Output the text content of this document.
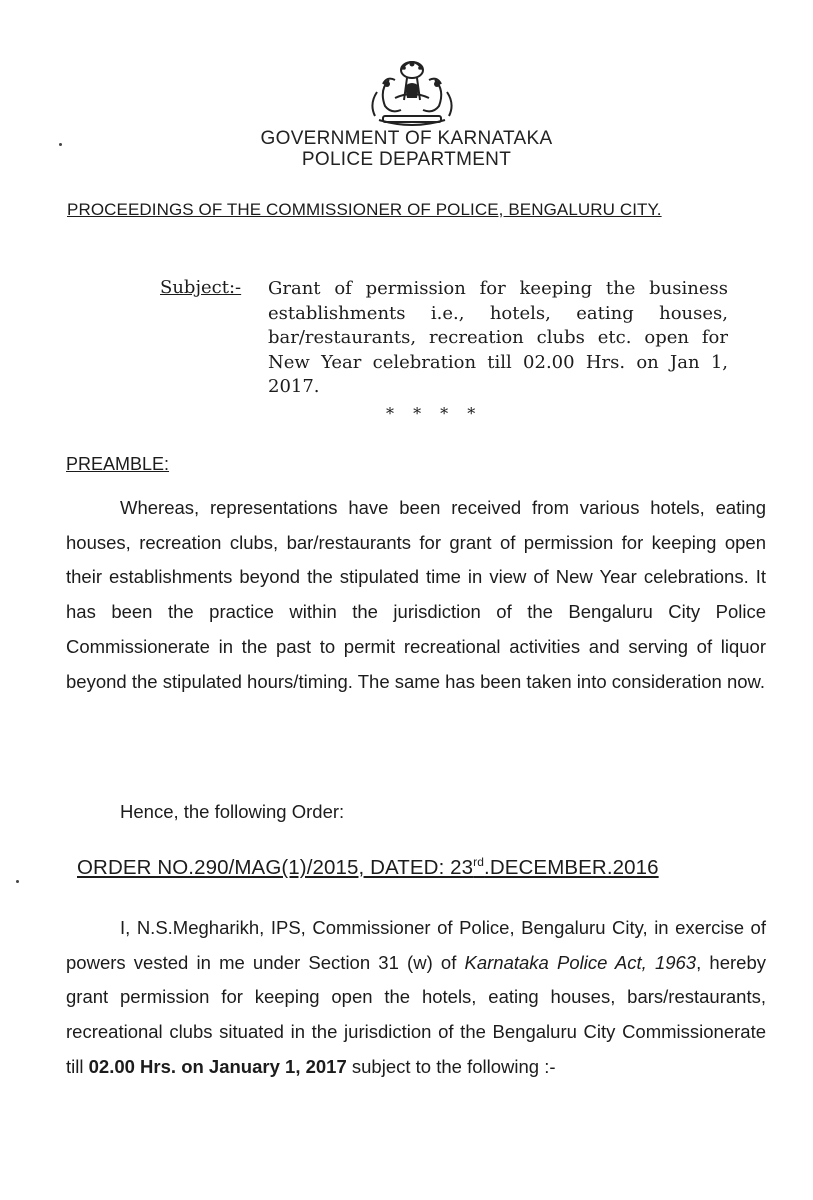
GOVERNMENT OF KARNATAKA
POLICE DEPARTMENT
PROCEEDINGS OF THE COMMISSIONER OF POLICE, BENGALURU CITY.
Subject:- Grant of permission for keeping the business establishments i.e., hotels, eating houses, bar/restaurants, recreation clubs etc. open for New Year celebration till 02.00 Hrs. on Jan 1, 2017.
* * * *
PREAMBLE:
Whereas, representations have been received from various hotels, eating houses, recreation clubs, bar/restaurants for grant of permission for keeping open their establishments beyond the stipulated time in view of New Year celebrations. It has been the practice within the jurisdiction of the Bengaluru City Police Commissionerate in the past to permit recreational activities and serving of liquor beyond the stipulated hours/timing. The same has been taken into consideration now.
Hence, the following Order:
ORDER NO.290/MAG(1)/2015, DATED: 23rd.DECEMBER.2016
I, N.S.Megharikh, IPS, Commissioner of Police, Bengaluru City, in exercise of powers vested in me under Section 31 (w) of Karnataka Police Act, 1963, hereby grant permission for keeping open the hotels, eating houses, bars/restaurants, recreational clubs situated in the jurisdiction of the Bengaluru City Commissionerate till 02.00 Hrs. on January 1, 2017 subject to the following :-
